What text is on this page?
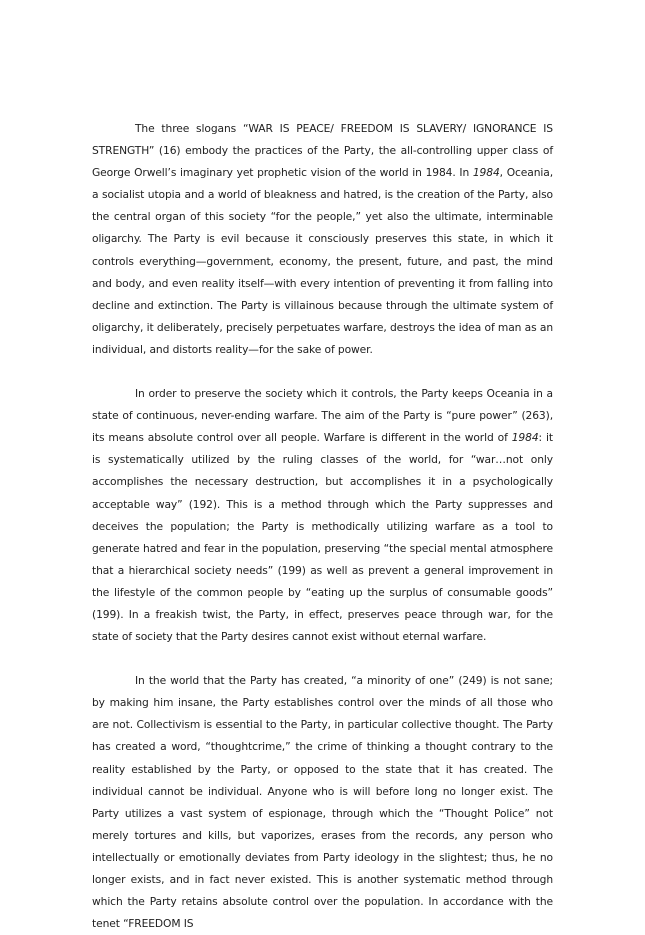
The three slogans “WAR IS PEACE/ FREEDOM IS SLAVERY/ IGNORANCE IS STRENGTH” (16) embody the practices of the Party, the all-controlling upper class of George Orwell’s imaginary yet prophetic vision of the world in 1984. In 1984, Oceania, a socialist utopia and a world of bleakness and hatred, is the creation of the Party, also the central organ of this society “for the people,” yet also the ultimate, interminable oligarchy. The Party is evil because it consciously preserves this state, in which it controls everything—government, economy, the present, future, and past, the mind and body, and even reality itself—with every intention of preventing it from falling into decline and extinction. The Party is villainous because through the ultimate system of oligarchy, it deliberately, precisely perpetuates warfare, destroys the idea of man as an individual, and distorts reality—for the sake of power.

In order to preserve the society which it controls, the Party keeps Oceania in a state of continuous, never-ending warfare. The aim of the Party is “pure power” (263), its means absolute control over all people. Warfare is different in the world of 1984: it is systematically utilized by the ruling classes of the world, for “war…not only accomplishes the necessary destruction, but accomplishes it in a psychologically acceptable way” (192). This is a method through which the Party suppresses and deceives the population; the Party is methodically utilizing warfare as a tool to generate hatred and fear in the population, preserving “the special mental atmosphere that a hierarchical society needs” (199) as well as prevent a general improvement in the lifestyle of the common people by “eating up the surplus of consumable goods” (199). In a freakish twist, the Party, in effect, preserves peace through war, for the state of society that the Party desires cannot exist without eternal warfare.

In the world that the Party has created, “a minority of one” (249) is not sane; by making him insane, the Party establishes control over the minds of all those who are not. Collectivism is essential to the Party, in particular collective thought. The Party has created a word, “thoughtcrime,” the crime of thinking a thought contrary to the reality established by the Party, or opposed to the state that it has created. The individual cannot be individual. Anyone who is will before long no longer exist. The Party utilizes a vast system of espionage, through which the “Thought Police” not merely tortures and kills, but vaporizes, erases from the records, any person who intellectually or emotionally deviates from Party ideology in the slightest; thus, he no longer exists, and in fact never existed. This is another systematic method through which the Party retains absolute control over the population. In accordance with the tenet “FREEDOM IS
